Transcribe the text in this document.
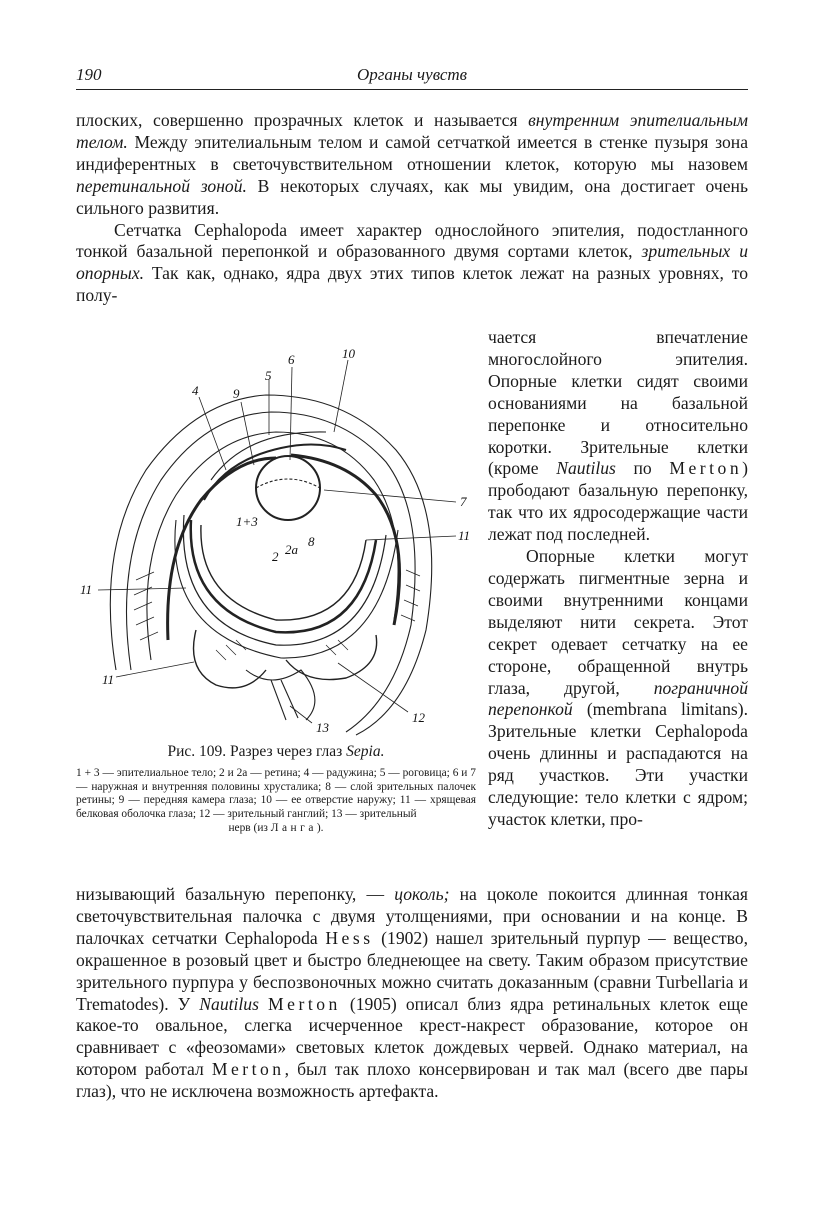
190	Органы чувств

плоских, совершенно прозрачных клеток и называется внутренним эпителиальным телом. Между эпителиальным телом и самой сетчаткой имеется в стенке пузыря зона индиферентных в светочувствительном отношении клеток, которую мы назовем перетинальной зоной. В некоторых случаях, как мы увидим, она достигает очень сильного развития.

Сетчатка Cephalopoda имеет характер однослойного эпителия, подостланного тонкой базальной перепонкой и образованного двумя сортами клеток, зрительных и опорных. Так как, однако, ядра двух этих типов клеток лежат на разных уровнях, то полу-

4	9
5
6	10
7
1+3
11
2 2a
8
11
11
13
12

Рис. 109. Разрез через глаз Sepia.

1 + 3 — эпителиальное тело; 2 и 2a — ретина; 4 — радужина; 5 — роговица; 6 и 7 — наружная и внутренняя половины хрусталика; 8 — слой зрительных палочек ретины; 9 — передняя камера глаза; 10 — ее отверстие наружу; 11 — хрящевая белковая оболочка глаза; 12 — зрительный ганглий; 13 — зрительный

нерв (из Ланга).

чается впечатление многослойного эпителия. Опорные клетки сидят своими основаниями на базальной перепонке и относительно коротки. Зрительные клетки (кроме Nautilus по Merton) прободают базальную перепонку, так что их ядросодержащие части лежат под последней.

Опорные клетки могут содержать пигментные зерна и своими внутренними концами выделяют нити секрета. Этот секрет одевает сетчатку на ее стороне, обращенной внутрь глаза, другой, пограничной перепонкой (membrana limitans). Зрительные клетки Cephalopoda очень длинны и распадаются на ряд участков. Эти участки следующие: тело клетки с ядром; участок клетки, про-

низывающий базальную перепонку, — цоколь; на цоколе покоится длинная тонкая светочувствительная палочка с двумя утолщениями, при основании и на конце. В палочках сетчатки Cephalopoda Hess (1902) нашел зрительный пурпур — вещество, окрашенное в розовый цвет и быстро бледнеющее на свету. Таким образом присутствие зрительного пурпура у беспозвоночных можно считать доказанным (сравни Turbellaria и Trematodes). У Nautilus Merton (1905) описал близ ядра ретинальных клеток еще какое-то овальное, слегка исчерченное крест-накрест образование, которое он сравнивает с «феозомами» световых клеток дождевых червей. Однако материал, на котором работал Merton, был так плохо консервирован и так мал (всего две пары глаз), что не исключена возможность артефакта.
